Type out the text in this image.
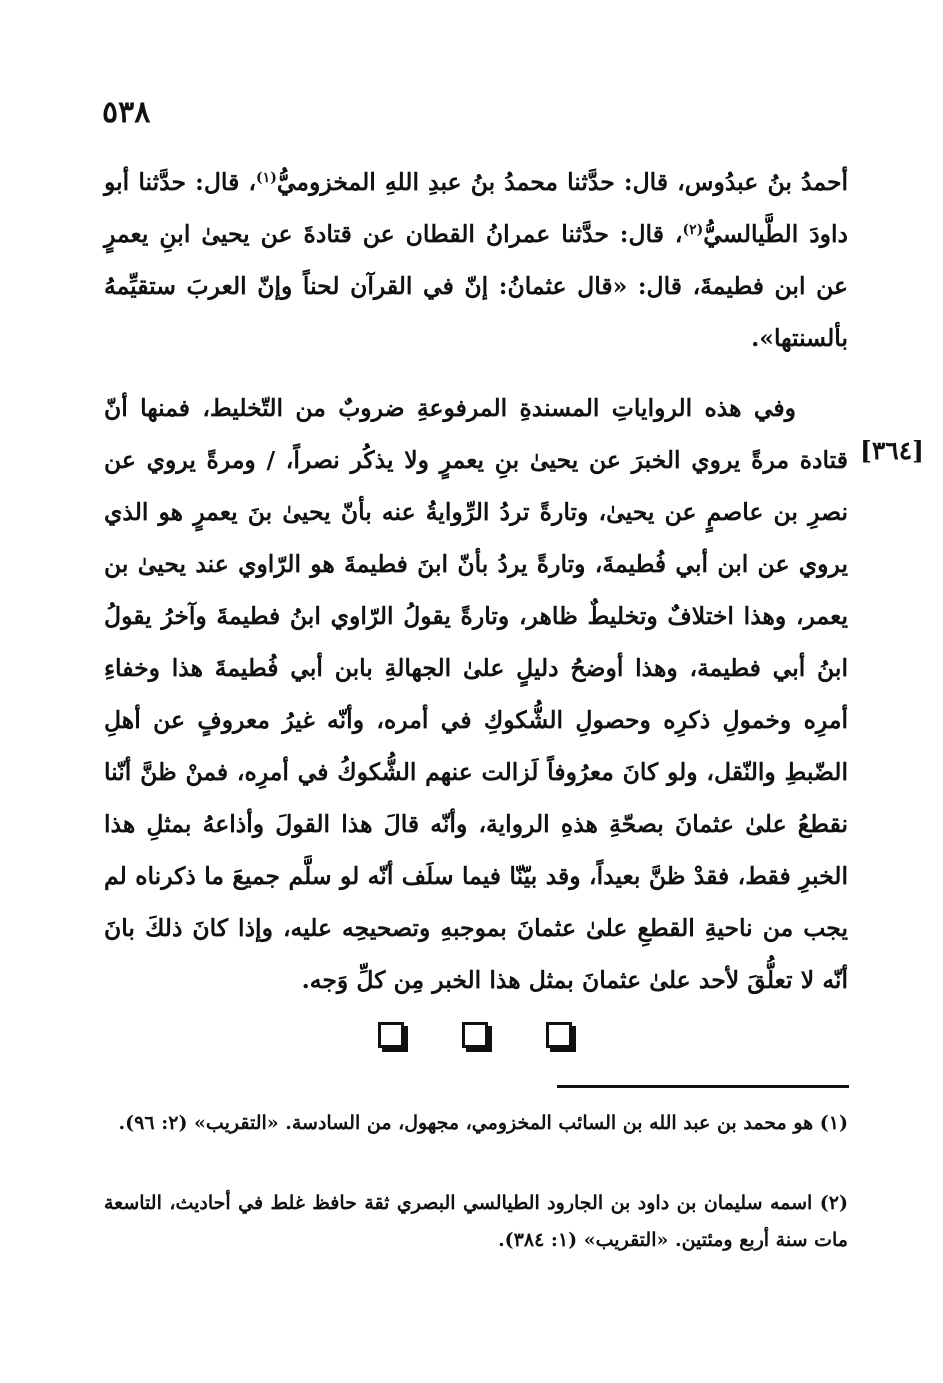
٥٣٨
أحمدُ بنُ عبدُوس، قال: حدَّثنا محمدُ بنُ عبدِ اللهِ المخزوميُّ$^{(١)}$، قال: حدَّثنا أبو داودَ الطَّيالسيُّ$^{(٢)}$، قال: حدَّثنا عمرانُ القطان عن قتادةَ عن يحيىٰ ابنِ يعمرٍ عن ابن فطيمةَ، قال: «قال عثمانُ: إنّ في القرآن لحناً وإنّ العربَ ستقيِّمهُ بألسنتها».
[٣٦٤]
وفي هذه الرواياتِ المسندةِ المرفوعةِ ضروبٌ من التّخليط، فمنها أنّ قتادة مرةً يروي الخبرَ عن يحيىٰ بنِ يعمرٍ ولا يذكُر نصراً، / ومرةً يروي عن نصرِ بن عاصمٍ عن يحيىٰ، وتارةً تردُ الرِّوايةُ عنه بأنّ يحيىٰ بنَ يعمرٍ هو الذي يروي عن ابن أبي فُطيمةَ، وتارةً يردُ بأنّ ابنَ فطيمةَ هو الرّاوي عند يحيىٰ بن يعمر، وهذا اختلافٌ وتخليطٌ ظاهر، وتارةً يقولُ الرّاوي ابنُ فطيمةَ وآخرُ يقولُ ابنُ أبي فطيمة، وهذا أوضحُ دليلٍ علىٰ الجهالةِ بابن أبي فُطيمةَ هذا وخفاءِ أمرِه وخمولِ ذكرِه وحصولِ الشُّكوكِ في أمره، وأنّه غيرُ معروفٍ عن أهلِ الضّبطِ والنّقل، ولو كانَ معرُوفاً لَزالت عنهم الشُّكوكُ في أمرِه، فمنْ ظنَّ أنّنا نقطعُ علىٰ عثمانَ بصحّةِ هذهِ الرواية، وأنّه قالَ هذا القولَ وأذاعهُ بمثلِ هذا الخبرِ فقط، فقدْ ظنَّ بعيداً، وقد بيّنّا فيما سلَف أنّه لو سلَّم جميعَ ما ذكرناه لم يجب من ناحيةِ القطعِ علىٰ عثمانَ بموجبهِ وتصحيحِه عليه، وإذا كانَ ذلكَ بانَ أنّه لا تعلُّقَ لأحد علىٰ عثمانَ بمثل هذا الخبر مِن كلِّ وَجه.
(١) هو محمد بن عبد الله بن السائب المخزومي، مجهول، من السادسة. «التقريب» (٢: ٩٦).
(٢) اسمه سليمان بن داود بن الجارود الطيالسي البصري ثقة حافظ غلط في أحاديث، التاسعة مات سنة أربع ومئتين. «التقريب» (١: ٣٨٤).
